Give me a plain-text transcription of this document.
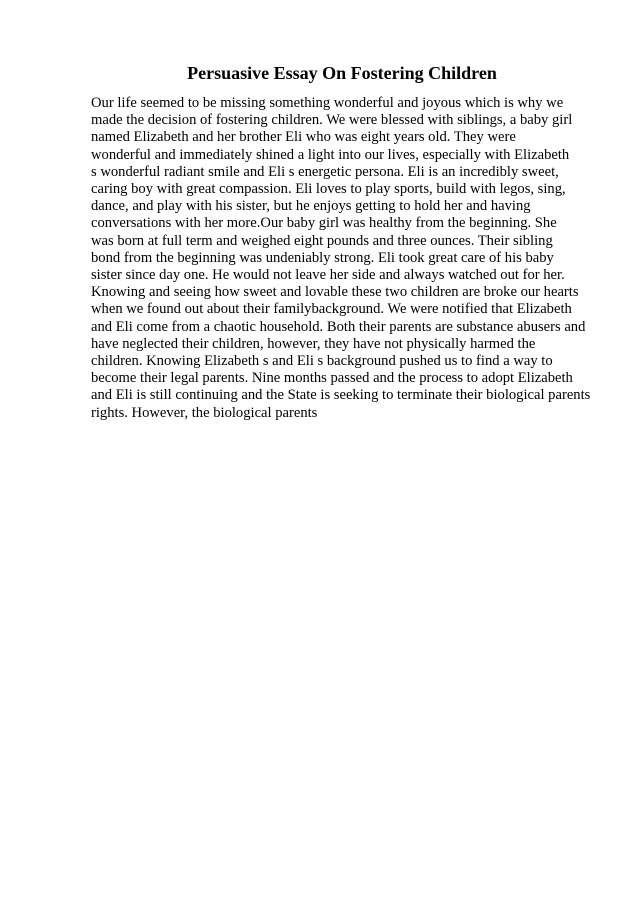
Persuasive Essay On Fostering Children
Our life seemed to be missing something wonderful and joyous which is why we
made the decision of fostering children. We were blessed with siblings, a baby girl
named Elizabeth and her brother Eli who was eight years old. They were
wonderful and immediately shined a light into our lives, especially with Elizabeth
s wonderful radiant smile and Eli s energetic persona. Eli is an incredibly sweet,
caring boy with great compassion. Eli loves to play sports, build with legos, sing,
dance, and play with his sister, but he enjoys getting to hold her and having
conversations with her more.Our baby girl was healthy from the beginning. She
was born at full term and weighed eight pounds and three ounces. Their sibling
bond from the beginning was undeniably strong. Eli took great care of his baby
sister since day one. He would not leave her side and always watched out for her.
Knowing and seeing how sweet and lovable these two children are broke our hearts
when we found out about their familybackground. We were notified that Elizabeth
and Eli come from a chaotic household. Both their parents are substance abusers and
have neglected their children, however, they have not physically harmed the
children. Knowing Elizabeth s and Eli s background pushed us to find a way to
become their legal parents. Nine months passed and the process to adopt Elizabeth
and Eli is still continuing and the State is seeking to terminate their biological parents
rights. However, the biological parents
